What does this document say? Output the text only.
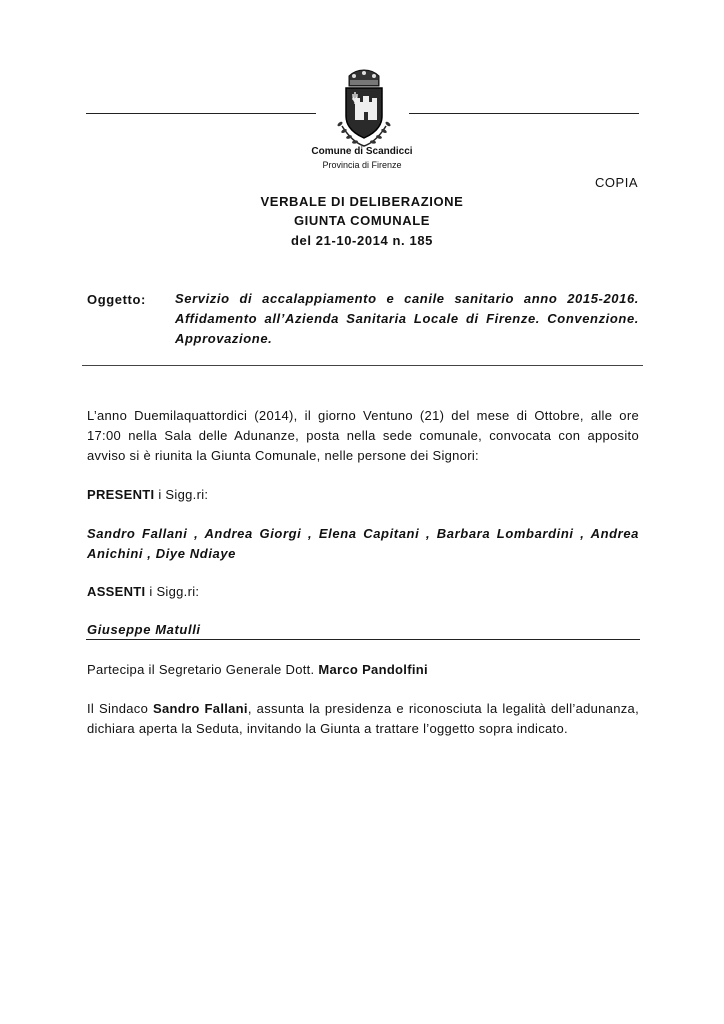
Comune di Scandicci
Provincia di Firenze
COPIA
VERBALE DI DELIBERAZIONE
GIUNTA COMUNALE
del 21-10-2014 n. 185
Oggetto: Servizio di accalappiamento e canile sanitario anno 2015-2016. Affidamento all’Azienda Sanitaria Locale di Firenze. Convenzione. Approvazione.
L’anno Duemilaquattordici (2014), il giorno Ventuno (21) del mese di Ottobre, alle ore 17:00 nella Sala delle Adunanze, posta nella sede comunale, convocata con apposito avviso si è riunita la Giunta Comunale, nelle persone dei Signori:
PRESENTI i Sigg.ri:
Sandro Fallani , Andrea Giorgi , Elena Capitani , Barbara Lombardini , Andrea Anichini , Diye Ndiaye
ASSENTI i Sigg.ri:
Giuseppe Matulli
Partecipa il Segretario Generale Dott. Marco Pandolfini
Il Sindaco Sandro Fallani, assunta la presidenza e riconosciuta la legalità dell’adunanza, dichiara aperta la Seduta, invitando la Giunta a trattare l’oggetto sopra indicato.
